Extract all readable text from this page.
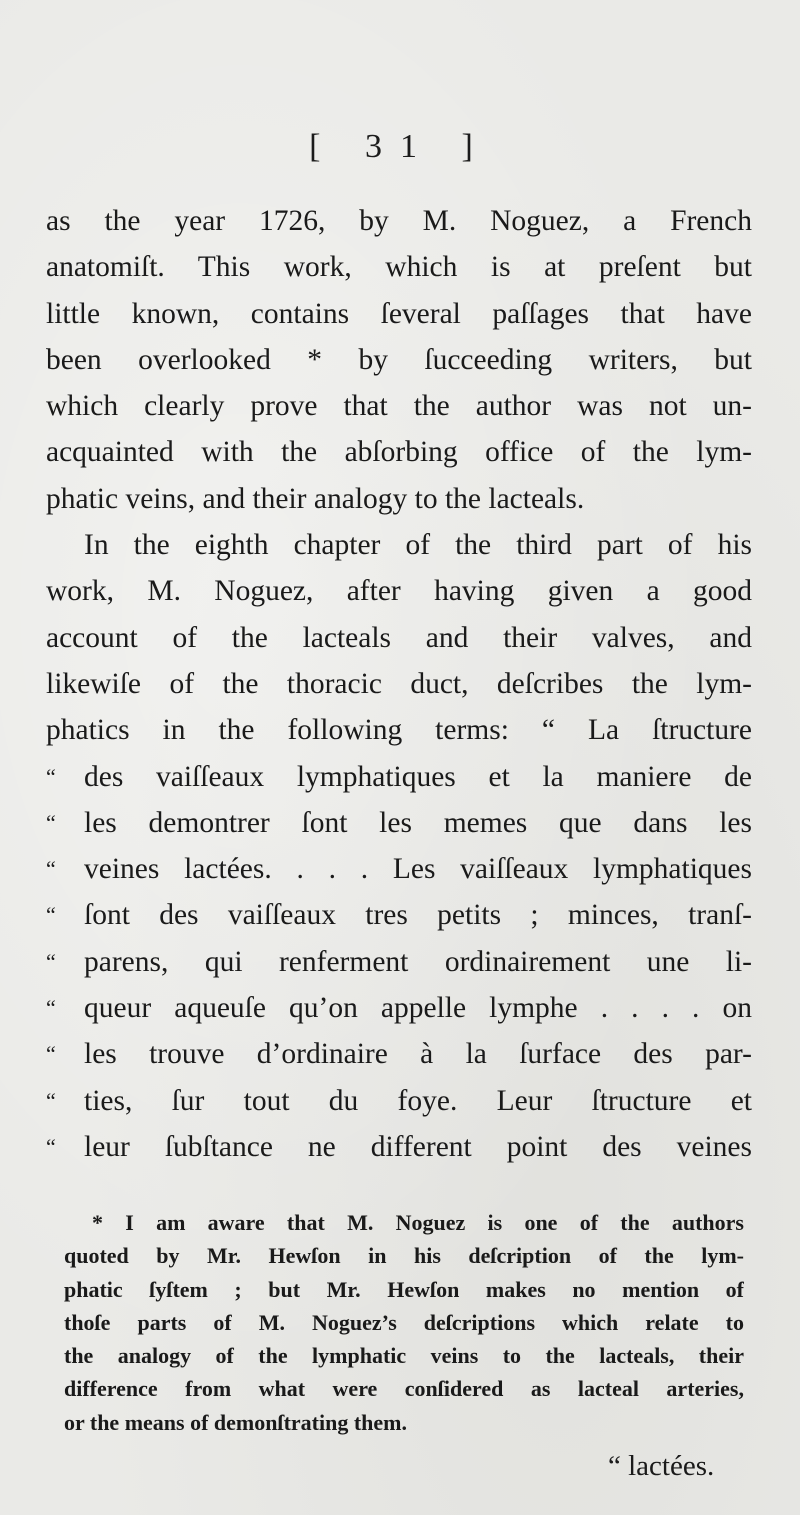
[ 31 ]
as the year 1726, by M. Noguez, a French
anatomiſt. This work, which is at preſent but
little known, contains ſeveral paſſages that have
been overlooked * by ſucceeding writers, but
which clearly prove that the author was not un-
acquainted with the abſorbing office of the lym-
phatic veins, and their analogy to the lacteals.
In the eighth chapter of the third part of his
work, M. Noguez, after having given a good
account of the lacteals and their valves, and
likewiſe of the thoracic duct, deſcribes the lym-
phatics in the following terms: “ La ſtructure
“ des vaiſſeaux lymphatiques et la maniere de
“ les demontrer ſont les memes que dans les
“ veines lactées. . . . Les vaiſſeaux lymphatiques
“ ſont des vaiſſeaux tres petits ; minces, tranſ-
“ parens, qui renferment ordinairement une li-
“ queur aqueuſe qu’on appelle lymphe . . . . on
“ les trouve d’ordinaire à la ſurface des par-
“ ties, ſur tout du foye. Leur ſtructure et
“ leur ſubſtance ne different point des veines
* I am aware that M. Noguez is one of the authors
quoted by Mr. Hewſon in his deſcription of the lym-
phatic ſyſtem ; but Mr. Hewſon makes no mention of
thoſe parts of M. Noguez’s deſcriptions which relate to
the analogy of the lymphatic veins to the lacteals, their
difference from what were conſidered as lacteal arteries,
or the means of demonſtrating them.
“ lactées.
